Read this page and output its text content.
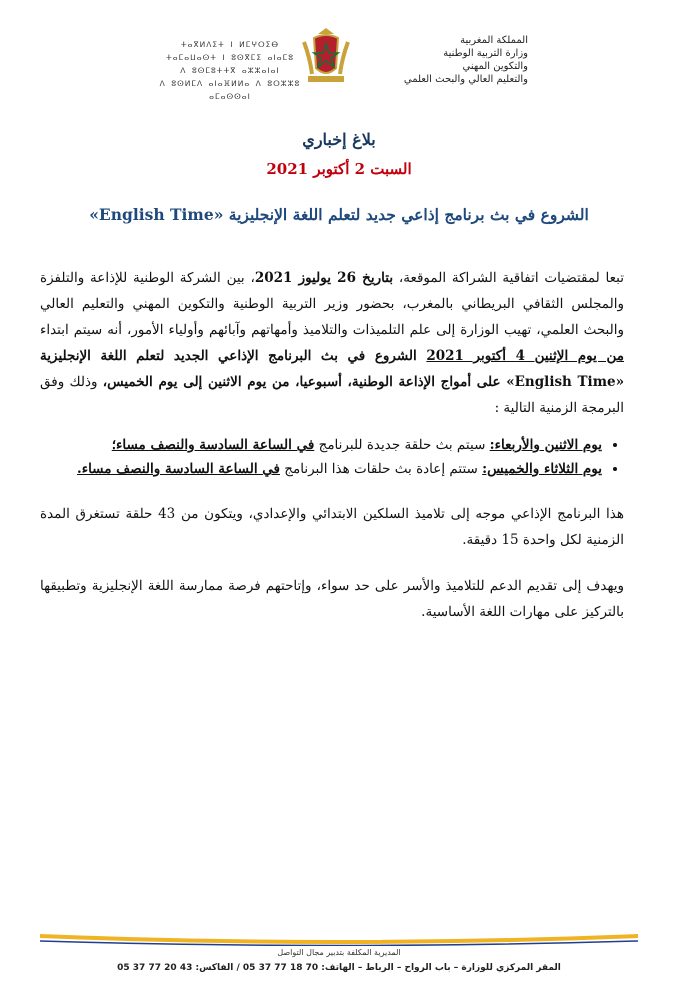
المملكة المغربية
وزارة التربية الوطنية
والتكوين المهني
والتعليم العالي والبحث العلمي
ⵜⴰⴳⵍⴷⵉⵜ ⵏ ⵍⵎⵖⵔⵉⴱ
ⵜⴰⵎⴰⵡⴰⵙⵜ ⵏ ⵓⵙⴳⵎⵉ ⴰⵏⴰⵎⵓ
ⴷ ⵓⵙⵎⵓⵜⵜⴳ ⴰⵣⵣⴰⵏⴰⵏ
ⴷ ⵓⵙⵍⵎⴷ ⴰⵏⴰⴼⵍⵍⴰ ⴷ ⵓⵔⵣⵣⵓ ⴰⵎⴰⵙⵙⴰⵏ
بلاغ إخباري
السبت 2 أكتوبر 2021
الشروع في بث برنامج إذاعي جديد لتعلم اللغة الإنجليزية «English Time»

تبعا لمقتضيات اتفاقية الشراكة الموقعة، بتاريخ 26 يوليوز 2021، بين الشركة الوطنية للإذاعة والتلفزة والمجلس الثقافي البريطاني بالمغرب، بحضور وزير التربية الوطنية والتكوين المهني والتعليم العالي والبحث العلمي، تهيب الوزارة إلى علم التلميذات والتلاميذ وأمهاتهم وآبائهم وأولياء الأمور، أنه سيتم ابتداء من يوم الإثنين 4 أكتوبر 2021 الشروع في بث البرنامج الإذاعي الجديد لتعلم اللغة الإنجليزية «English Time» على أمواج الإذاعة الوطنية، أسبوعيا، من يوم الاثنين إلى يوم الخميس، وذلك وفق البرمجة الزمنية التالية :

• يوم الاثنين والأربعاء: سيتم بث حلقة جديدة للبرنامج في الساعة السادسة والنصف مساء؛
• يوم الثلاثاء والخميس: ستتم إعادة بث حلقات هذا البرنامج في الساعة السادسة والنصف مساء.

هذا البرنامج الإذاعي موجه إلى تلاميذ السلكين الابتدائي والإعدادي، ويتكون من 43 حلقة تستغرق المدة الزمنية لكل واحدة 15 دقيقة.

ويهدف إلى تقديم الدعم للتلاميذ والأسر على حد سواء، وإتاحتهم فرصة ممارسة اللغة الإنجليزية وتطبيقها بالتركيز على مهارات اللغة الأساسية.

المديرية المكلفة بتدبير مجال التواصل
المقر المركزي للوزارة – باب الرواح – الرباط – الهاتف: 70 18 77 37 05 / الفاكس: 43 20 77 37 05
